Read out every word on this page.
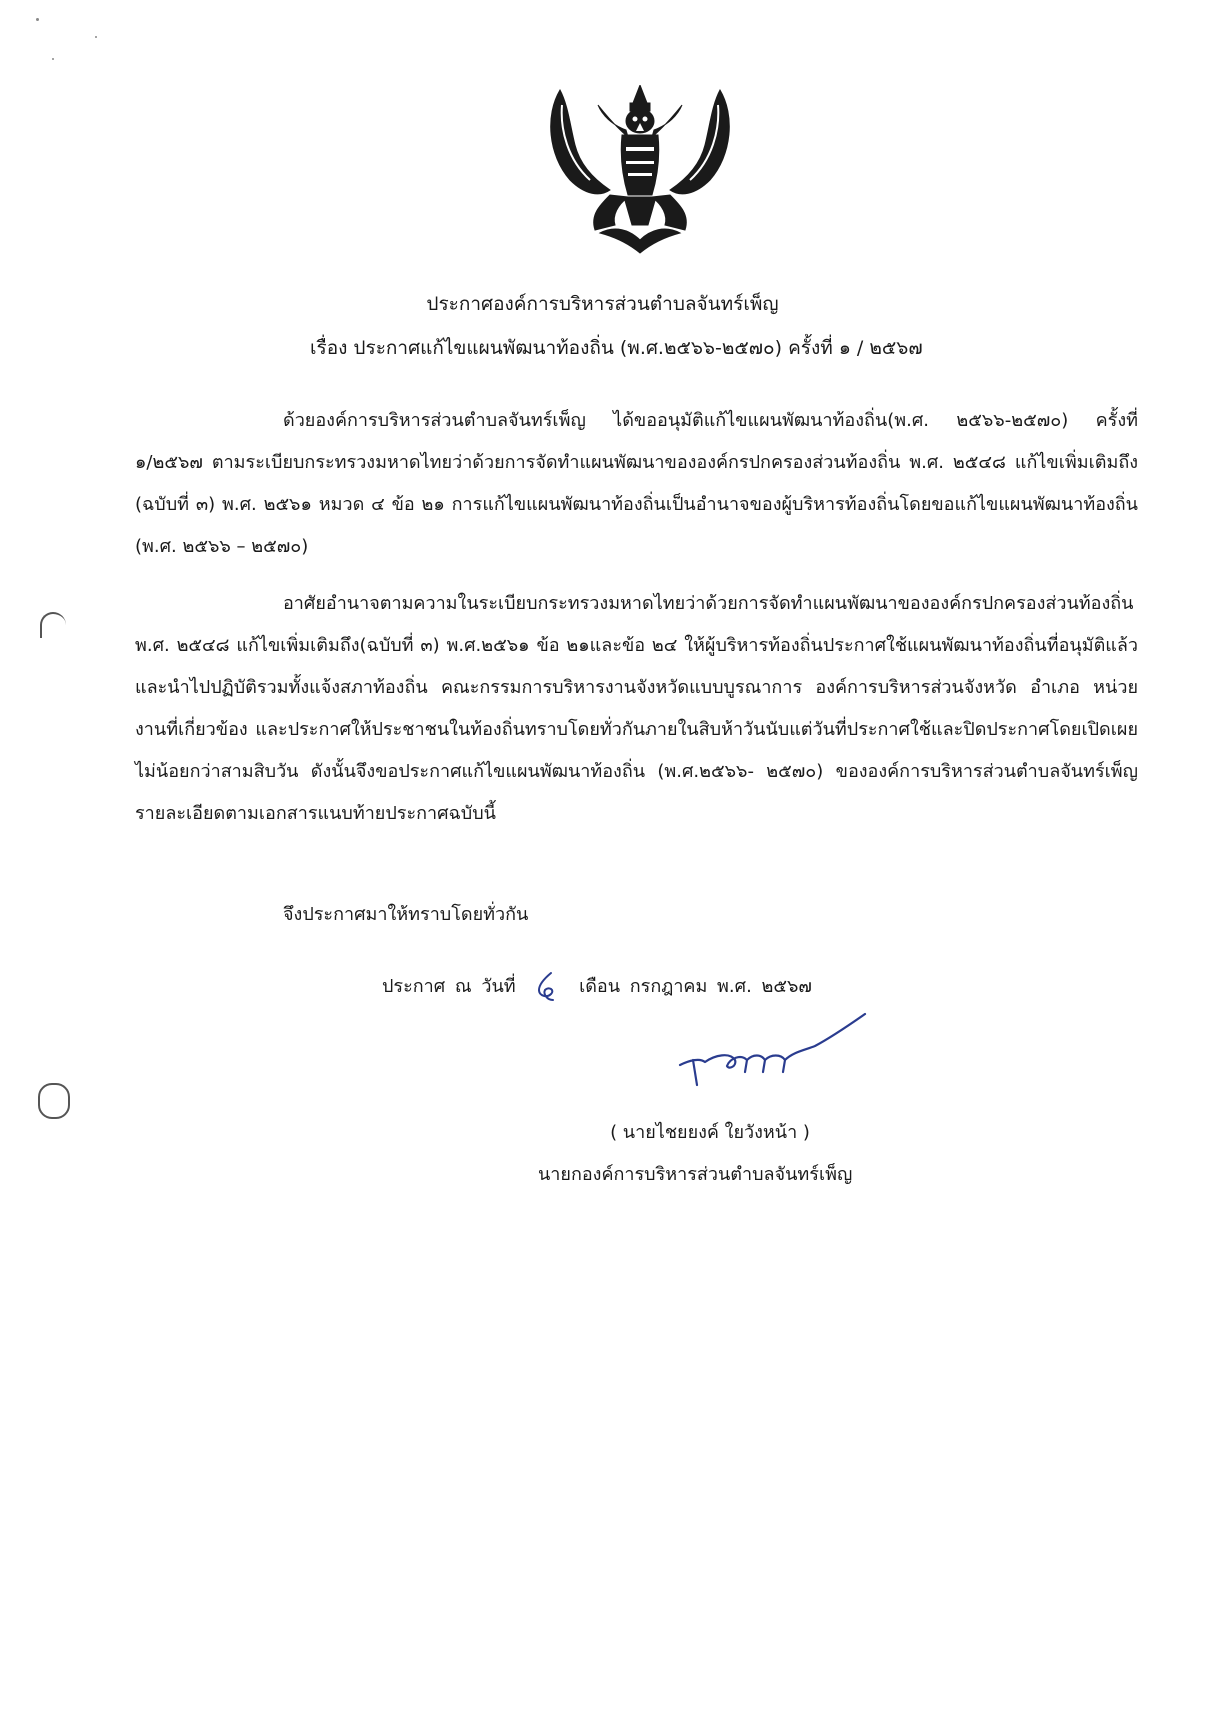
ประกาศองค์การบริหารส่วนตำบลจันทร์เพ็ญ
เรื่อง ประกาศแก้ไขแผนพัฒนาท้องถิ่น (พ.ศ.๒๕๖๖-๒๕๗๐) ครั้งที่ ๑ / ๒๕๖๗
ด้วยองค์การบริหารส่วนตำบลจันทร์เพ็ญ ได้ขออนุมัติแก้ไขแผนพัฒนาท้องถิ่น(พ.ศ. ๒๕๖๖-๒๕๗๐) ครั้งที่ ๑/๒๕๖๗ ตามระเบียบกระทรวงมหาดไทยว่าด้วยการจัดทำแผนพัฒนาขององค์กรปกครองส่วนท้องถิ่น พ.ศ. ๒๕๔๘ แก้ไขเพิ่มเติมถึง (ฉบับที่ ๓) พ.ศ. ๒๕๖๑ หมวด ๔ ข้อ ๒๑ การแก้ไขแผนพัฒนาท้องถิ่นเป็นอำนาจของผู้บริหารท้องถิ่นโดยขอแก้ไขแผนพัฒนาท้องถิ่น (พ.ศ. ๒๕๖๖ – ๒๕๗๐)
อาศัยอำนาจตามความในระเบียบกระทรวงมหาดไทยว่าด้วยการจัดทำแผนพัฒนาขององค์กรปกครองส่วนท้องถิ่น พ.ศ. ๒๕๔๘ แก้ไขเพิ่มเติมถึง(ฉบับที่ ๓) พ.ศ.๒๕๖๑ ข้อ ๒๑และข้อ ๒๔ ให้ผู้บริหารท้องถิ่นประกาศใช้แผนพัฒนาท้องถิ่นที่อนุมัติแล้ว และนำไปปฏิบัติรวมทั้งแจ้งสภาท้องถิ่น คณะกรรมการบริหารงานจังหวัดแบบบูรณาการ องค์การบริหารส่วนจังหวัด อำเภอ หน่วยงานที่เกี่ยวข้อง และประกาศให้ประชาชนในท้องถิ่นทราบโดยทั่วกันภายในสิบห้าวันนับแต่วันที่ประกาศใช้และปิดประกาศโดยเปิดเผยไม่น้อยกว่าสามสิบวัน ดังนั้นจึงขอประกาศแก้ไขแผนพัฒนาท้องถิ่น (พ.ศ.๒๕๖๖- ๒๕๗๐) ขององค์การบริหารส่วนตำบลจันทร์เพ็ญ รายละเอียดตามเอกสารแนบท้ายประกาศฉบับนี้
จึงประกาศมาให้ทราบโดยทั่วกัน
ประกาศ ณ วันที่	เดือน กรกฎาคม พ.ศ. ๒๕๖๗
( นายไชยยงค์ ใยวังหน้า )
นายกองค์การบริหารส่วนตำบลจันทร์เพ็ญ
